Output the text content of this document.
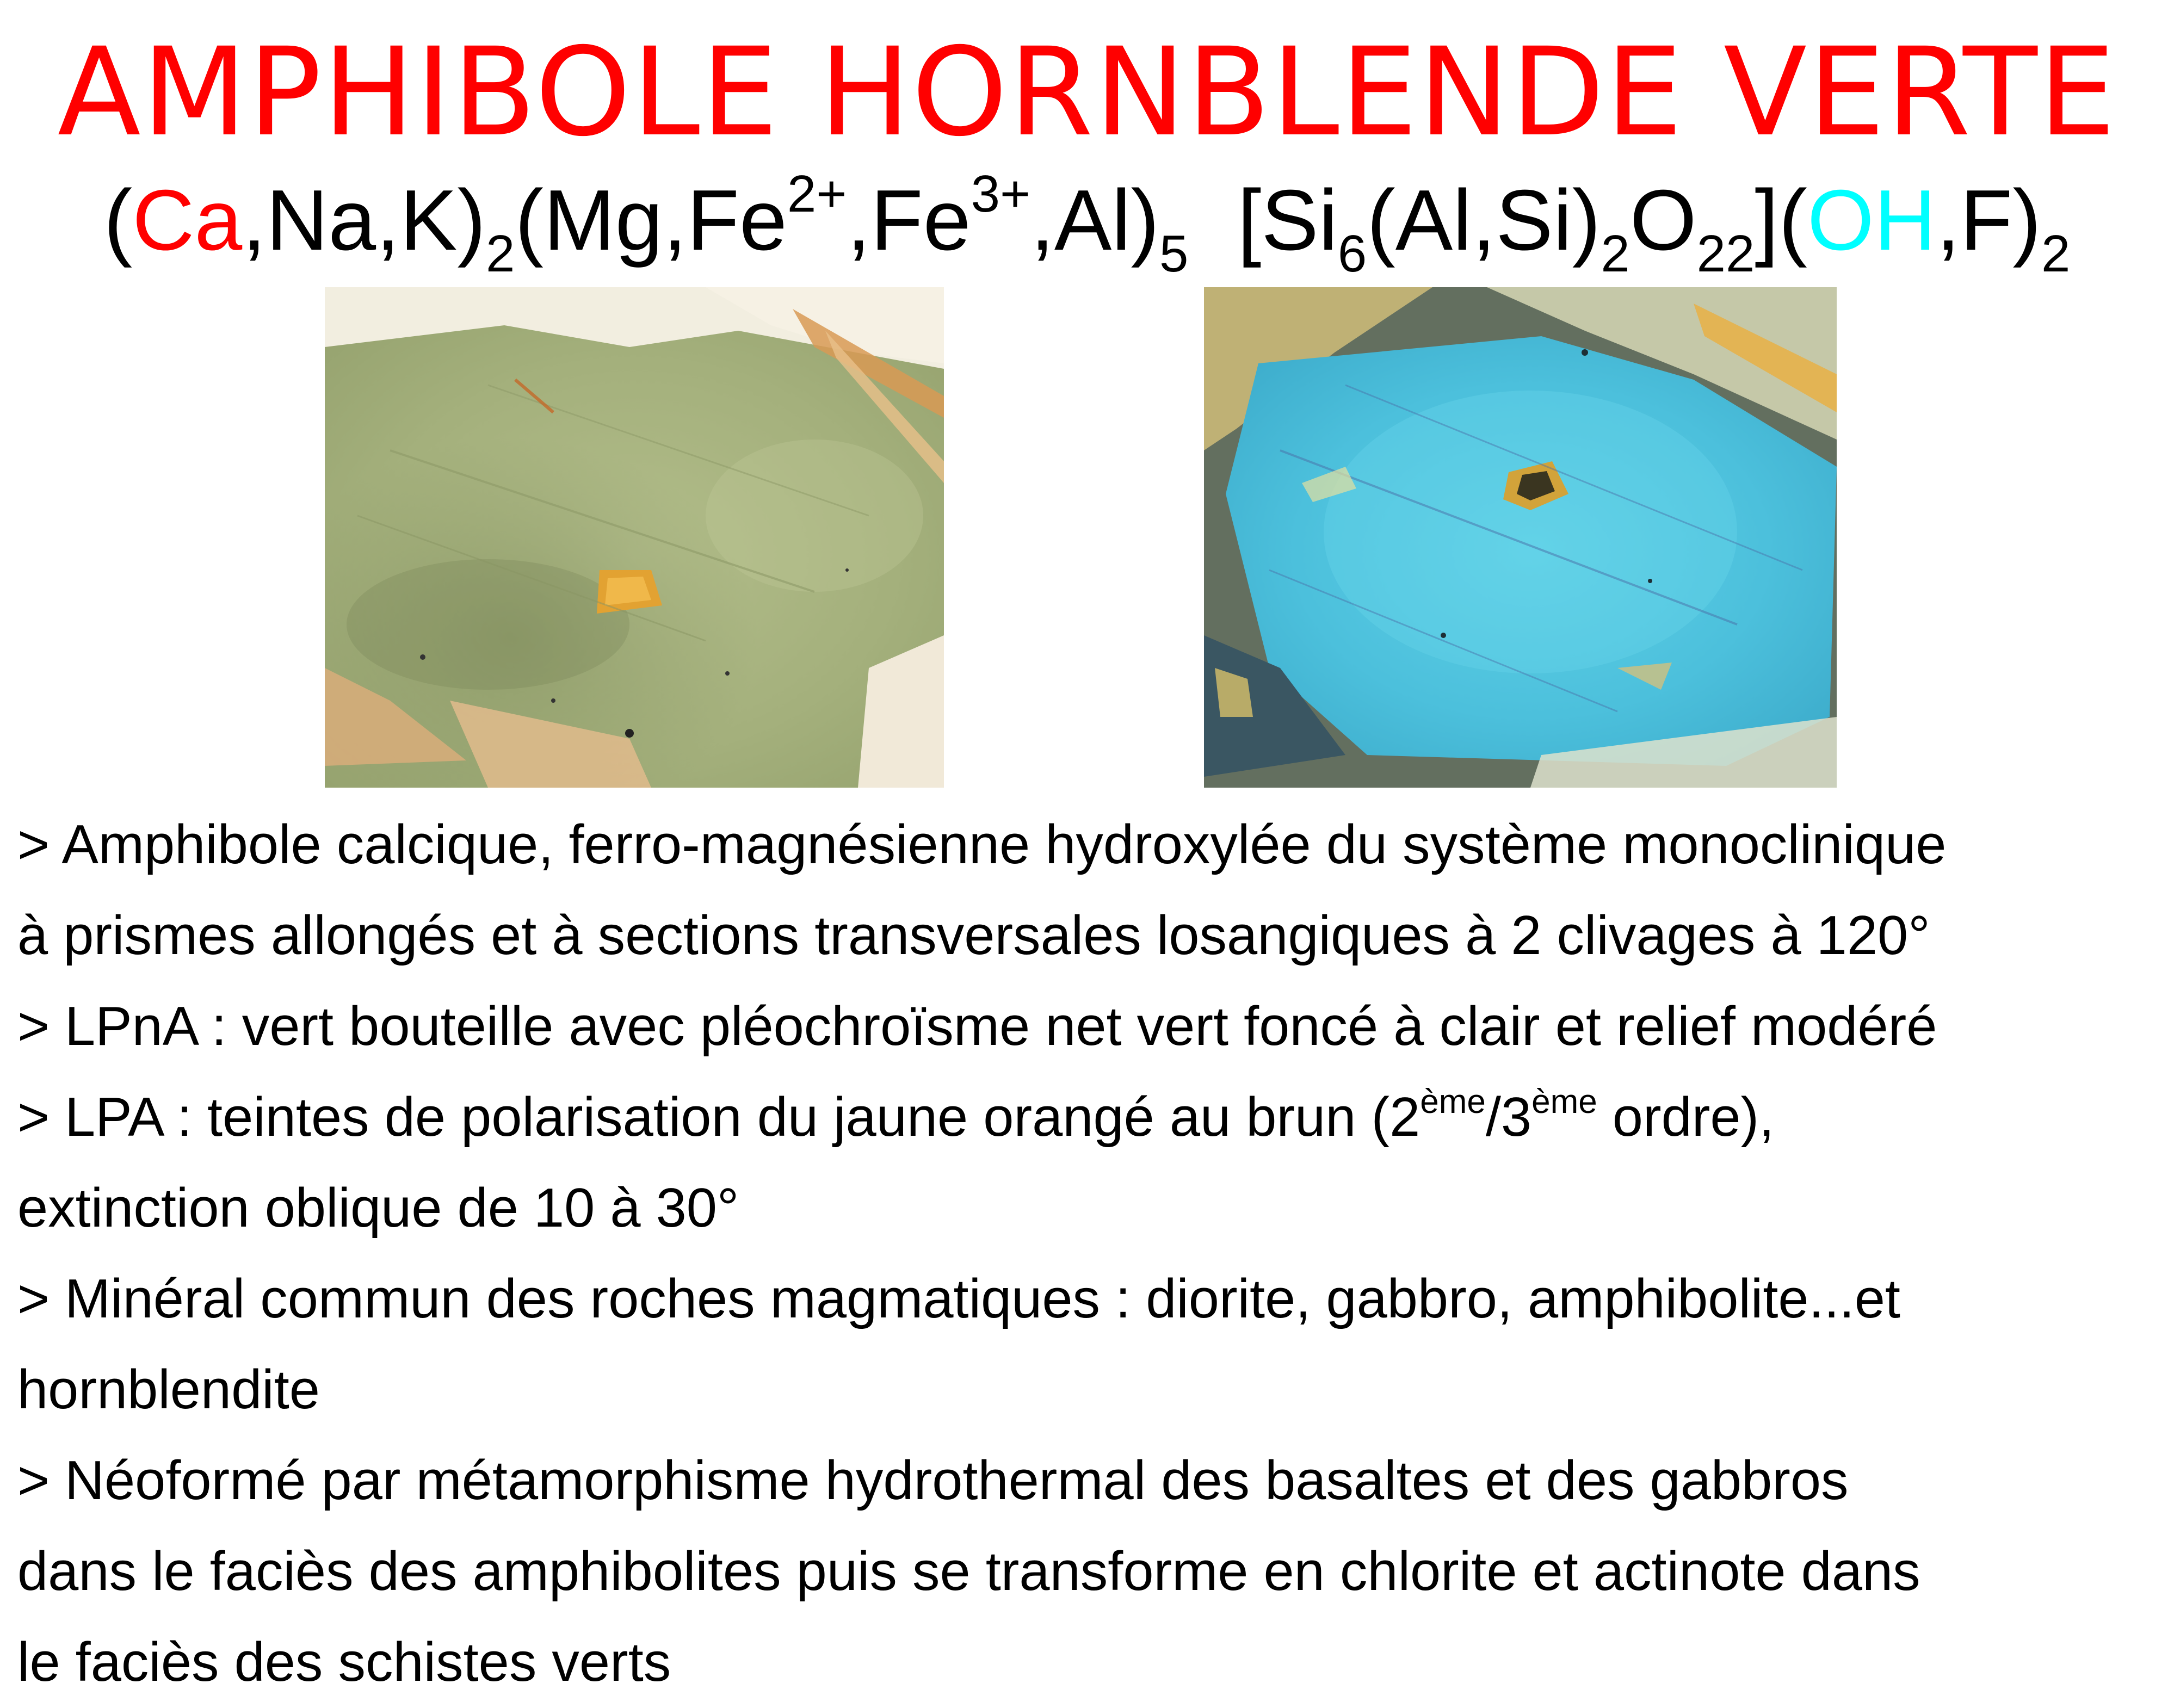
AMPHIBOLE HORNBLENDE VERTE
$(Ca,Na,K)_2(Mg,Fe^{2+},Fe^{3+},Al)_5$ $[Si_6(Al,Si)_2O_{22}](OH,F)_2$
> Amphibole calcique, ferro-magnésienne hydroxylée du système monoclinique
à prismes allongés et à sections transversales losangiques à 2 clivages à 120°
> LPnA : vert bouteille avec pléochroïsme net vert foncé à clair et relief modéré
> LPA : teintes de polarisation du jaune orangé au brun (2ème/3ème ordre),
extinction oblique de 10 à 30°
> Minéral commun des roches magmatiques : diorite, gabbro, amphibolite...et
hornblendite
> Néoformé par métamorphisme hydrothermal des basaltes et des gabbros
dans le faciès des amphibolites puis se transforme en chlorite et actinote dans
le faciès des schistes verts
